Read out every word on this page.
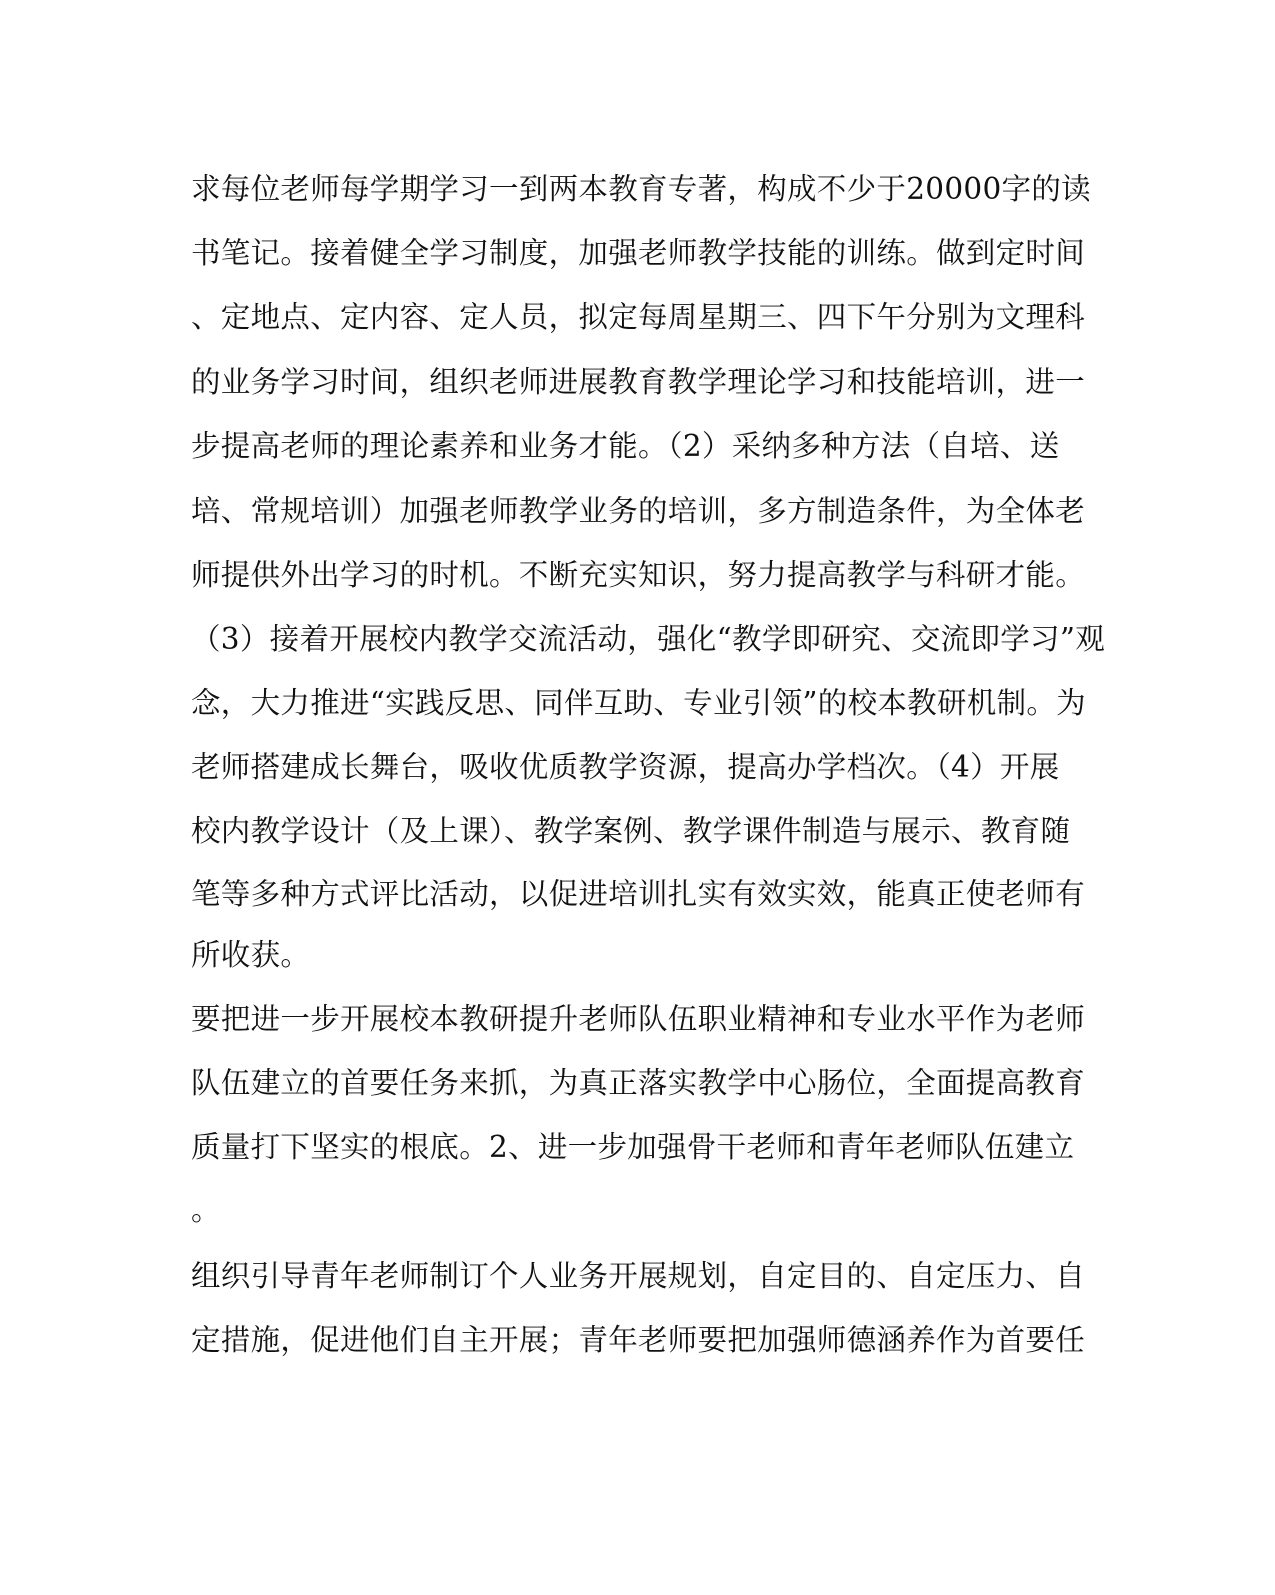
求每位老师每学期学习一到两本教育专著，构成不少于20000字的读
书笔记。接着健全学习制度，加强老师教学技能的训练。做到定时间
、定地点、定内容、定人员，拟定每周星期三、四下午分别为文理科
的业务学习时间，组织老师进展教育教学理论学习和技能培训，进一
步提高老师的理论素养和业务才能。（2）采纳多种方法（自培、送
培、常规培训）加强老师教学业务的培训，多方制造条件，为全体老
师提供外出学习的时机。不断充实知识，努力提高教学与科研才能。
（3）接着开展校内教学交流活动，强化“教学即研究、交流即学习”观
念，大力推进“实践反思、同伴互助、专业引领”的校本教研机制。为
老师搭建成长舞台，吸收优质教学资源，提高办学档次。（4）开展
校内教学设计（及上课）、教学案例、教学课件制造与展示、教育随
笔等多种方式评比活动，以促进培训扎实有效实效，能真正使老师有
所收获。
要把进一步开展校本教研提升老师队伍职业精神和专业水平作为老师
队伍建立的首要任务来抓，为真正落实教学中心肠位，全面提高教育
质量打下坚实的根底。2、进一步加强骨干老师和青年老师队伍建立
。
组织引导青年老师制订个人业务开展规划，自定目的、自定压力、自
定措施，促进他们自主开展；青年老师要把加强师德涵养作为首要任
